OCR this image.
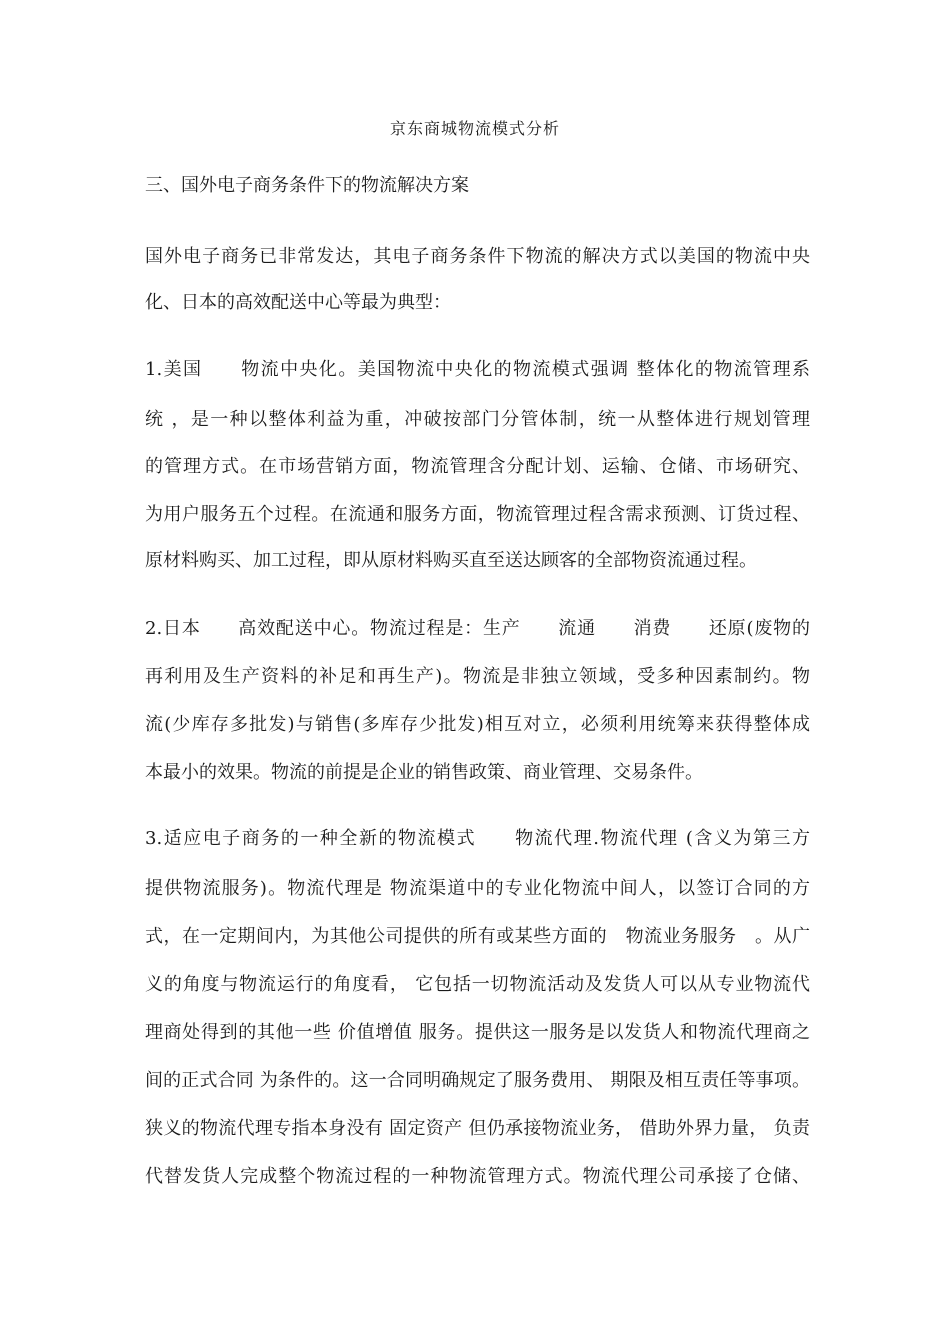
京东商城物流模式分析
三、国外电子商务条件下的物流解决方案
国外电子商务已非常发达，其电子商务条件下物流的解决方式以美国的物流中央
化、日本的高效配送中心等最为典型：
1.美国　　物流中央化。美国物流中央化的物流模式强调 整体化的物流管理系
统 ，是一种以整体利益为重，冲破按部门分管体制，统一从整体进行规划管理
的管理方式。在市场营销方面，物流管理含分配计划、运输、仓储、市场研究、
为用户服务五个过程。在流通和服务方面，物流管理过程含需求预测、订货过程、
原材料购买、加工过程，即从原材料购买直至送达顾客的全部物资流通过程。
2.日本　　高效配送中心。物流过程是：生产　　流通　　消费　　还原(废物的
再利用及生产资料的补足和再生产)。物流是非独立领域，受多种因素制约。物
流(少库存多批发)与销售(多库存少批发)相互对立，必须利用统筹来获得整体成
本最小的效果。物流的前提是企业的销售政策、商业管理、交易条件。
3.适应电子商务的一种全新的物流模式　　物流代理.物流代理 (含义为第三方
提供物流服务)。物流代理是 物流渠道中的专业化物流中间人，以签订合同的方
式，在一定期间内，为其他公司提供的所有或某些方面的　物流业务服务　。从广
义的角度与物流运行的角度看， 它包括一切物流活动及发货人可以从专业物流代
理商处得到的其他一些 价值增值 服务。提供这一服务是以发货人和物流代理商之
间的正式合同 为条件的。这一合同明确规定了服务费用、 期限及相互责任等事项。
狭义的物流代理专指本身没有 固定资产 但仍承接物流业务， 借助外界力量， 负责
代替发货人完成整个物流过程的一种物流管理方式。物流代理公司承接了仓储、
